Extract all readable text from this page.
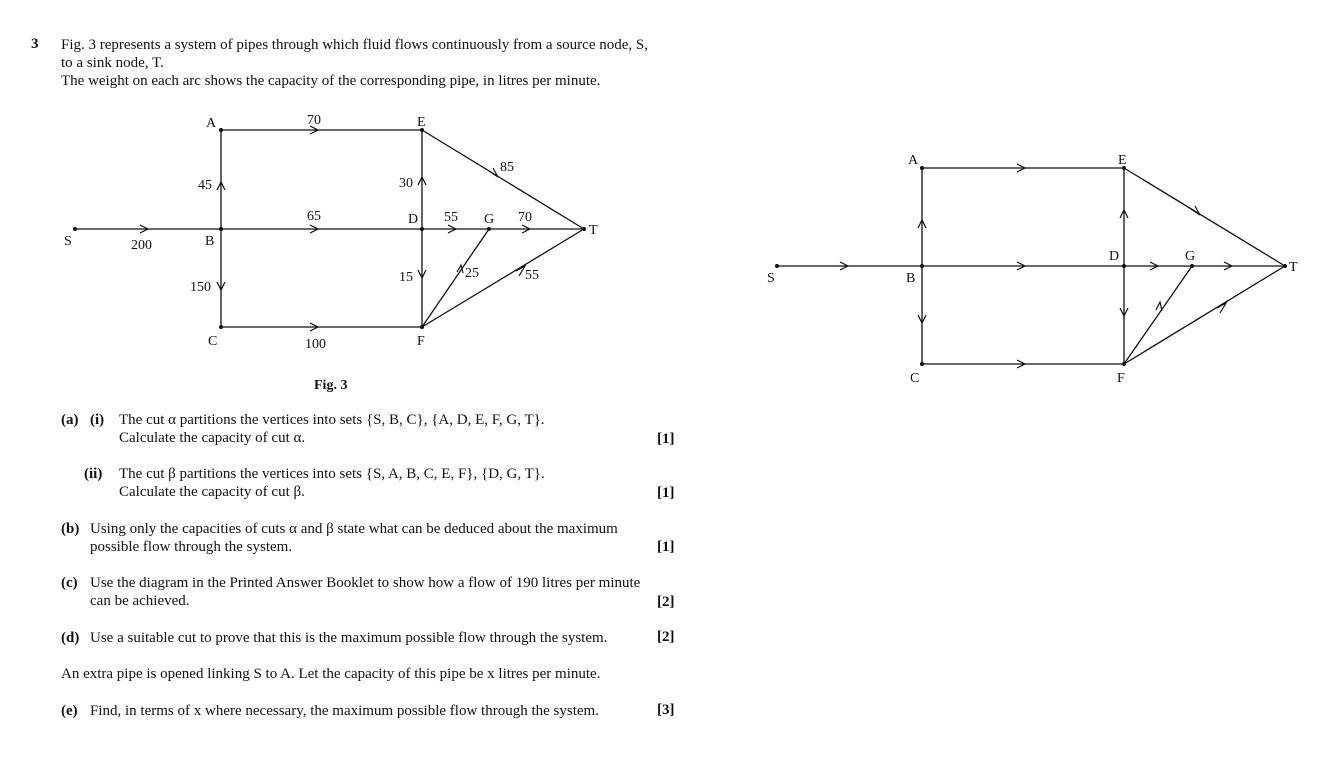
3 Fig. 3 represents a system of pipes through which fluid flows continuously from a source node, S,
to a sink node, T.
The weight on each arc shows the capacity of the corresponding pipe, in litres per minute.
S
A
B
C
E
D
F
G
T
200
70
45
65
150
100
30
55	70
85
15	25	55
Fig. 3
S
A
B
C
E
D
F
G
T
(a) (i) The cut α partitions the vertices into sets {S, B, C}, {A, D, E, F, G, T}.
Calculate the capacity of cut α.	[1]
(ii) The cut β partitions the vertices into sets {S, A, B, C, E, F}, {D, G, T}.
Calculate the capacity of cut β.	[1]
(b) Using only the capacities of cuts α and β state what can be deduced about the maximum
possible flow through the system.	[1]
(c) Use the diagram in the Printed Answer Booklet to show how a flow of 190 litres per minute
can be achieved.	[2]
(d) Use a suitable cut to prove that this is the maximum possible flow through the system.	[2]
An extra pipe is opened linking S to A. Let the capacity of this pipe be x litres per minute.
(e) Find, in terms of x where necessary, the maximum possible flow through the system.	[3]
